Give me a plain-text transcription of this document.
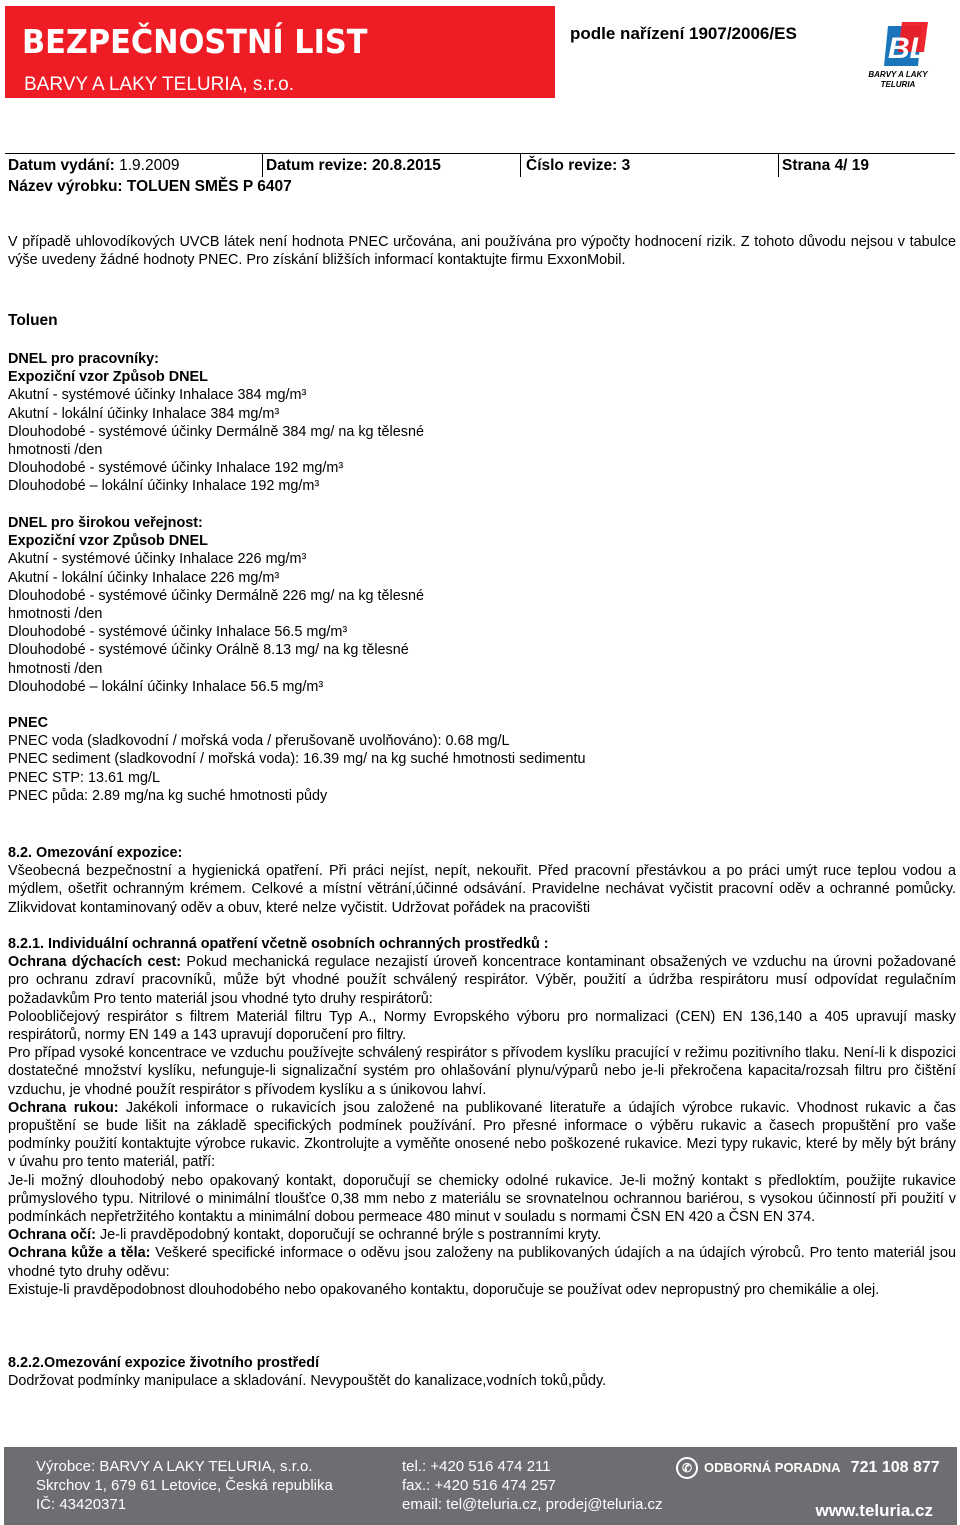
BEZPEČNOSTNÍ LIST
BARVY A LAKY TELURIA, s.r.o.
podle nařízení 1907/2006/ES	BL
BARVY A LAKY
TELURIA
Datum vydání: 1.9.2009	Datum revize: 20.8.2015	Číslo revize: 3	Strana 4/ 19
Název výrobku: TOLUEN SMĚS P 6407
V případě uhlovodíkových UVCB látek není hodnota PNEC určována, ani používána pro výpočty hodnocení rizik. Z tohoto důvodu nejsou v tabulce výše uvedeny žádné hodnoty PNEC. Pro získání bližších informací kontaktujte firmu ExxonMobil.
Toluen
DNEL pro pracovníky:
Expoziční vzor Způsob DNEL
Akutní - systémové účinky Inhalace 384 mg/m³
Akutní - lokální účinky Inhalace 384 mg/m³
Dlouhodobé - systémové účinky Dermálně 384 mg/ na kg tělesné
hmotnosti /den
Dlouhodobé - systémové účinky Inhalace 192 mg/m³
Dlouhodobé – lokální účinky Inhalace 192 mg/m³
DNEL pro širokou veřejnost:
Expoziční vzor Způsob DNEL
Akutní - systémové účinky Inhalace 226 mg/m³
Akutní - lokální účinky Inhalace 226 mg/m³
Dlouhodobé - systémové účinky Dermálně 226 mg/ na kg tělesné
hmotnosti /den
Dlouhodobé - systémové účinky Inhalace 56.5 mg/m³
Dlouhodobé - systémové účinky Orálně 8.13 mg/ na kg tělesné
hmotnosti /den
Dlouhodobé – lokální účinky Inhalace 56.5 mg/m³
PNEC
PNEC voda (sladkovodní / mořská voda / přerušovaně uvolňováno): 0.68 mg/L
PNEC sediment (sladkovodní / mořská voda): 16.39 mg/ na kg suché hmotnosti sedimentu
PNEC STP: 13.61 mg/L
PNEC půda: 2.89 mg/na kg suché hmotnosti půdy
8.2. Omezování expozice:
Všeobecná bezpečnostní a hygienická opatření. Při práci nejíst, nepít, nekouřit. Před pracovní přestávkou a po práci umýt ruce teplou vodou a mýdlem, ošetřit ochranným krémem. Celkové a místní větrání,účinné odsávání. Pravidelne nechávat vyčistit pracovní oděv a ochranné pomůcky. Zlikvidovat kontaminovaný oděv a obuv, které nelze vyčistit. Udržovat pořádek na pracovišti
8.2.1. Individuální ochranná opatření včetně osobních ochranných prostředků :
Ochrana dýchacích cest: Pokud mechanická regulace nezajistí úroveň koncentrace kontaminant obsažených ve vzduchu na úrovni požadované pro ochranu zdraví pracovníků, může být vhodné použít schválený respirátor. Výběr, použití a údržba respirátoru musí odpovídat regulačním požadavkům Pro tento materiál jsou vhodné tyto druhy respirátorů:
Poloobličejový respirátor s filtrem Materiál filtru Typ A., Normy Evropského výboru pro normalizaci (CEN) EN 136,140 a 405 upravují masky respirátorů, normy EN 149 a 143 upravují doporučení pro filtry.
Pro případ vysoké koncentrace ve vzduchu používejte schválený respirátor s přívodem kyslíku pracující v režimu pozitivního tlaku. Není-li k dispozici dostatečné množství kyslíku, nefunguje-li signalizační systém pro ohlašování plynu/výparů nebo je-li překročena kapacita/rozsah filtru pro čištění vzduchu, je vhodné použít respirátor s přívodem kyslíku a s únikovou lahví.
Ochrana rukou: Jakékoli informace o rukavicích jsou založené na publikované literatuře a údajích výrobce rukavic. Vhodnost rukavic a čas propuštění se bude lišit na základě specifických podmínek používání. Pro přesné informace o výběru rukavic a časech propuštění pro vaše podmínky použití kontaktujte výrobce rukavic. Zkontrolujte a vyměňte onosené nebo poškozené rukavice. Mezi typy rukavic, které by měly být brány v úvahu pro tento materiál, patří:
Je-li možný dlouhodobý nebo opakovaný kontakt, doporučují se chemicky odolné rukavice. Je-li možný kontakt s předloktím, použijte rukavice průmyslového typu. Nitrilové o minimální tloušťce 0,38 mm nebo z materiálu se srovnatelnou ochrannou bariérou, s vysokou účinností při použití v podmínkách nepřetržitého kontaktu a minimální dobou permeace 480 minut v souladu s normami ČSN EN 420 a ČSN EN 374.
Ochrana očí: Je-li pravděpodobný kontakt, doporučují se ochranné brýle s postranními kryty.
Ochrana kůže a těla: Veškeré specifické informace o oděvu jsou založeny na publikovaných údajích a na údajích výrobců. Pro tento materiál jsou vhodné tyto druhy oděvu:
Existuje-li pravděpodobnost dlouhodobého nebo opakovaného kontaktu, doporučuje se používat odev nepropustný pro chemikálie a olej.
8.2.2.Omezování expozice životního prostředí
Dodržovat podmínky manipulace a skladování. Nevypouštět do kanalizace,vodních toků,půdy.
Výrobce: BARVY A LAKY TELURIA, s.r.o.
Skrchov 1, 679 61 Letovice, Česká republika
IČ: 43420371
tel.: +420 516 474 211
fax.: +420 516 474 257
email: tel@teluria.cz, prodej@teluria.cz
✆ ODBORNÁ PORADNA 721 108 877
www.teluria.cz
